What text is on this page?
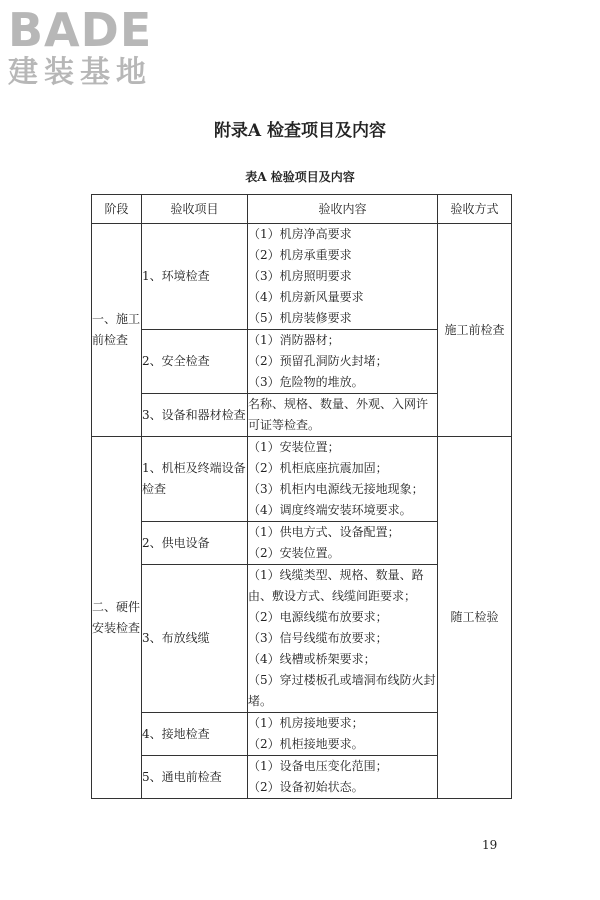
BADE
建装基地
附录A 检查项目及内容
表A 检验项目及内容
阶段	验收项目	验收内容	验收方式
一、施工前检查	1、环境检查	（1）机房净高要求
（2）机房承重要求
（3）机房照明要求
（4）机房新风量要求
（5）机房装修要求	施工前检查
	2、安全检查	（1）消防器材；
（2）预留孔洞防火封堵；
（3）危险物的堆放。	

	3、设备和器材检查	名称、规格、数量、外观、入网许可证等检查。	

二、硬件安装检查	1、机柜及终端设备检查	（1）安装位置；
（2）机柜底座抗震加固；
（3）机柜内电源线无接地现象；
（4）调度终端安装环境要求。	随工检验
	2、供电设备	（1）供电方式、设备配置；
（2）安装位置。	

	3、布放线缆	（1）线缆类型、规格、数量、路由、敷设方式、线缆间距要求；
（2）电源线缆布放要求；
（3）信号线缆布放要求；
（4）线槽或桥架要求；
（5）穿过楼板孔或墙洞布线防火封堵。	

	4、接地检查	（1）机房接地要求；
（2）机柜接地要求。	

	5、通电前检查	（1）设备电压变化范围；
（2）设备初始状态。	
19
